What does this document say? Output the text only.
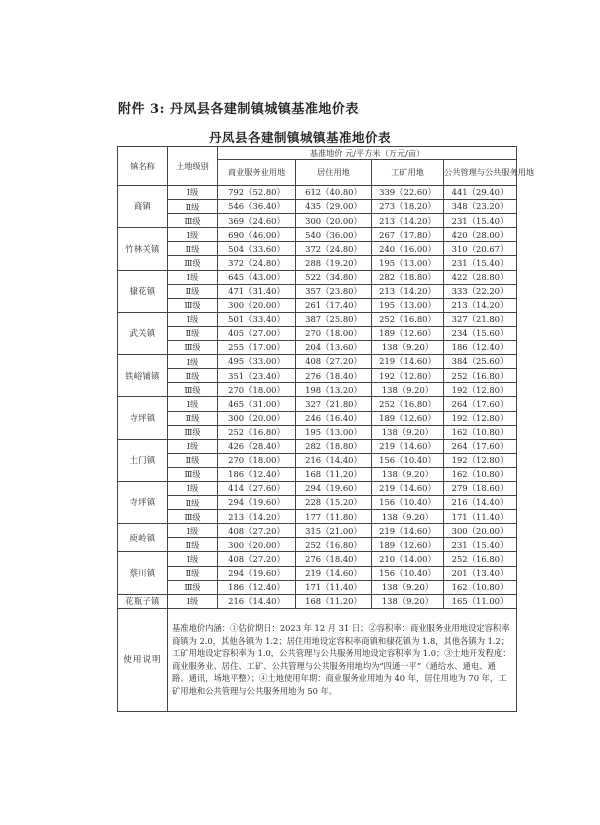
附件 3: 丹凤县各建制镇城镇基准地价表
丹凤县各建制镇城镇基准地价表
镇名称	土地级别	基准地价 元/平方米（万元/亩）			
		商业服务业用地	居住用地	工矿用地	公共管理与公共服务用地
商镇	Ⅰ级	792（52.80）	612（40.80）	339（22.60）	441（29.40）
	Ⅱ级	546（36.40）	435（29.00）	273（18.20）	348（23.20）
	Ⅲ级	369（24.60）	300（20.00）	213（14.20）	231（15.40）
竹林关镇	Ⅰ级	690（46.00）	540（36.00）	267（17.80）	420（28.00）
	Ⅱ级	504（33.60）	372（24.80）	240（16.00）	310（20.67）
	Ⅲ级	372（24.80）	288（19.20）	195（13.00）	231（15.40）
棣花镇	Ⅰ级	645（43.00）	522（34.80）	282（18.80）	422（28.80）
	Ⅱ级	471（31.40）	357（23.80）	213（14.20）	333（22.20）
	Ⅲ级	300（20.00）	261（17.40）	195（13.00）	213（14.20）
武关镇	Ⅰ级	501（33.40）	387（25.80）	252（16.80）	327（21.80）
	Ⅱ级	405（27.00）	270（18.00）	189（12.60）	234（15.60）
	Ⅲ级	255（17.00）	204（13.60）	138（9.20）	186（12.40）
铁峪铺镇	Ⅰ级	495（33.00）	408（27.20）	219（14.60）	384（25.60）
	Ⅱ级	351（23.40）	276（18.40）	192（12.80）	252（16.80）
	Ⅲ级	270（18.00）	198（13.20）	138（9.20）	192（12.80）
寺坪镇	Ⅰ级	465（31.00）	327（21.80）	252（16.80）	264（17.60）
	Ⅱ级	300（20.00）	246（16.40）	189（12.60）	192（12.80）
	Ⅲ级	252（16.80）	195（13.00）	138（9.20）	162（10.80）
土门镇	Ⅰ级	426（28.40）	282（18.80）	219（14.60）	264（17.60）
	Ⅱ级	270（18.00）	216（14.40）	156（10.40）	192（12.80）
	Ⅲ级	186（12.40）	168（11.20）	138（9.20）	162（10.80）
寺坪镇	Ⅰ级	414（27.60）	294（19.60）	219（14.60）	279（18.60）
	Ⅱ级	294（19.60）	228（15.20）	156（10.40）	216（14.40）
	Ⅲ级	213（14.20）	177（11.80）	138（9.20）	171（11.40）
庾岭镇	Ⅰ级	408（27.20）	315（21.00）	219（14.60）	300（20.00）
	Ⅱ级	300（20.00）	252（16.80）	189（12.60）	231（15.40）
蔡川镇	Ⅰ级	408（27.20）	276（18.40）	210（14.00）	252（16.80）
	Ⅱ级	294（19.60）	219（14.60）	156（10.40）	201（13.40）
	Ⅲ级	186（12.40）	171（11.40）	138（9.20）	162（10.80）
花瓶子镇	Ⅰ级	216（14.40）	168（11.20）	138（9.20）	165（11.00）
使用说明	基准地价内涵：①估价期日：2023 年 12 月 31 日；②容积率：商业服务业用地设定容积率商镇为 2.0，其他各镇为 1.2；居住用地设定容积率商镇和棣花镇为 1.8，其他各镇为 1.2；工矿用地设定容积率为 1.0，公共管理与公共服务用地设定容积率为 1.0；③土地开发程度：商业服务业、居住、工矿、公共管理与公共服务用地均为“四通一平”（通给水、通电、通路、通讯，场地平整）；④土地使用年期：商业服务业用地为 40 年，居住用地为 70 年，工矿用地和公共管理与公共服务用地为 50 年。				
